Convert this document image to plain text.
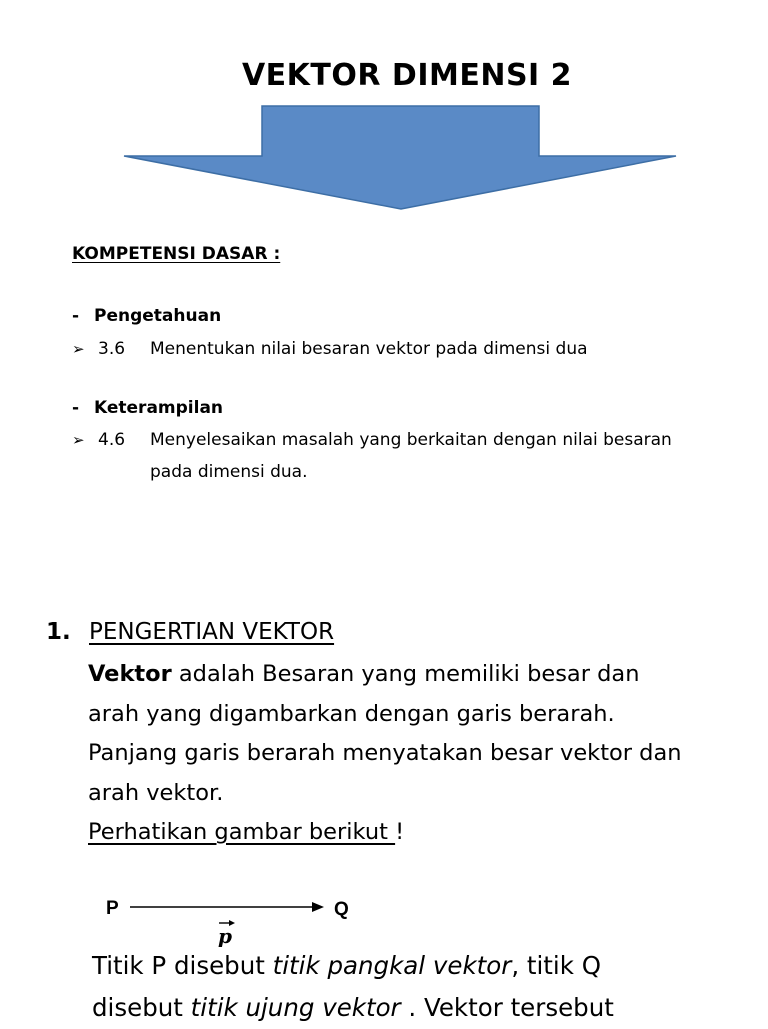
VEKTOR DIMENSI 2
KOMPETENSI DASAR :
- Pengetahuan
➢ 3.6 Menentukan nilai besaran vektor pada dimensi dua
- Keterampilan
➢ 4.6 Menyelesaikan masalah yang berkaitan dengan nilai besaran
pada dimensi dua.
1. PENGERTIAN VEKTOR
Vektor adalah Besaran yang memiliki besar dan
arah yang digambarkan dengan garis berarah.
Panjang garis berarah menyatakan besar vektor dan
arah vektor.
Perhatikan gambar berikut !
P	Q
p
Titik P disebut titik pangkal vektor, titik Q
disebut titik ujung vektor . Vektor tersebut
